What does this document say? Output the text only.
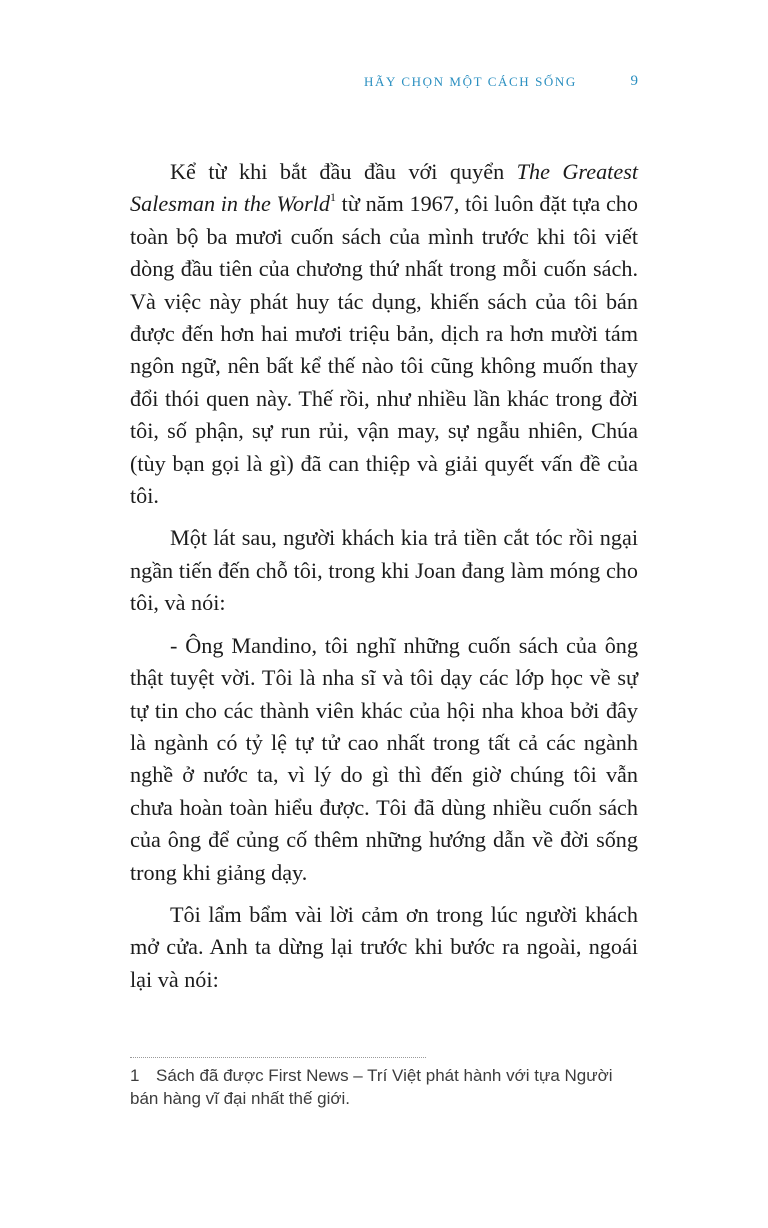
HÃY CHỌN MỘT CÁCH SỐNG	9

Kể từ khi bắt đầu đầu với quyển The Greatest Salesman in the World$^1$ từ năm 1967, tôi luôn đặt tựa cho toàn bộ ba mươi cuốn sách của mình trước khi tôi viết dòng đầu tiên của chương thứ nhất trong mỗi cuốn sách. Và việc này phát huy tác dụng, khiến sách của tôi bán được đến hơn hai mươi triệu bản, dịch ra hơn mười tám ngôn ngữ, nên bất kể thế nào tôi cũng không muốn thay đổi thói quen này. Thế rồi, như nhiều lần khác trong đời tôi, số phận, sự run rủi, vận may, sự ngẫu nhiên, Chúa (tùy bạn gọi là gì) đã can thiệp và giải quyết vấn đề của tôi.

Một lát sau, người khách kia trả tiền cắt tóc rồi ngại ngần tiến đến chỗ tôi, trong khi Joan đang làm móng cho tôi, và nói:

- Ông Mandino, tôi nghĩ những cuốn sách của ông thật tuyệt vời. Tôi là nha sĩ và tôi dạy các lớp học về sự tự tin cho các thành viên khác của hội nha khoa bởi đây là ngành có tỷ lệ tự tử cao nhất trong tất cả các ngành nghề ở nước ta, vì lý do gì thì đến giờ chúng tôi vẫn chưa hoàn toàn hiểu được. Tôi đã dùng nhiều cuốn sách của ông để củng cố thêm những hướng dẫn về đời sống trong khi giảng dạy.

Tôi lẩm bẩm vài lời cảm ơn trong lúc người khách mở cửa. Anh ta dừng lại trước khi bước ra ngoài, ngoái lại và nói:

1 Sách đã được First News – Trí Việt phát hành với tựa Người bán hàng vĩ đại nhất thế giới.
